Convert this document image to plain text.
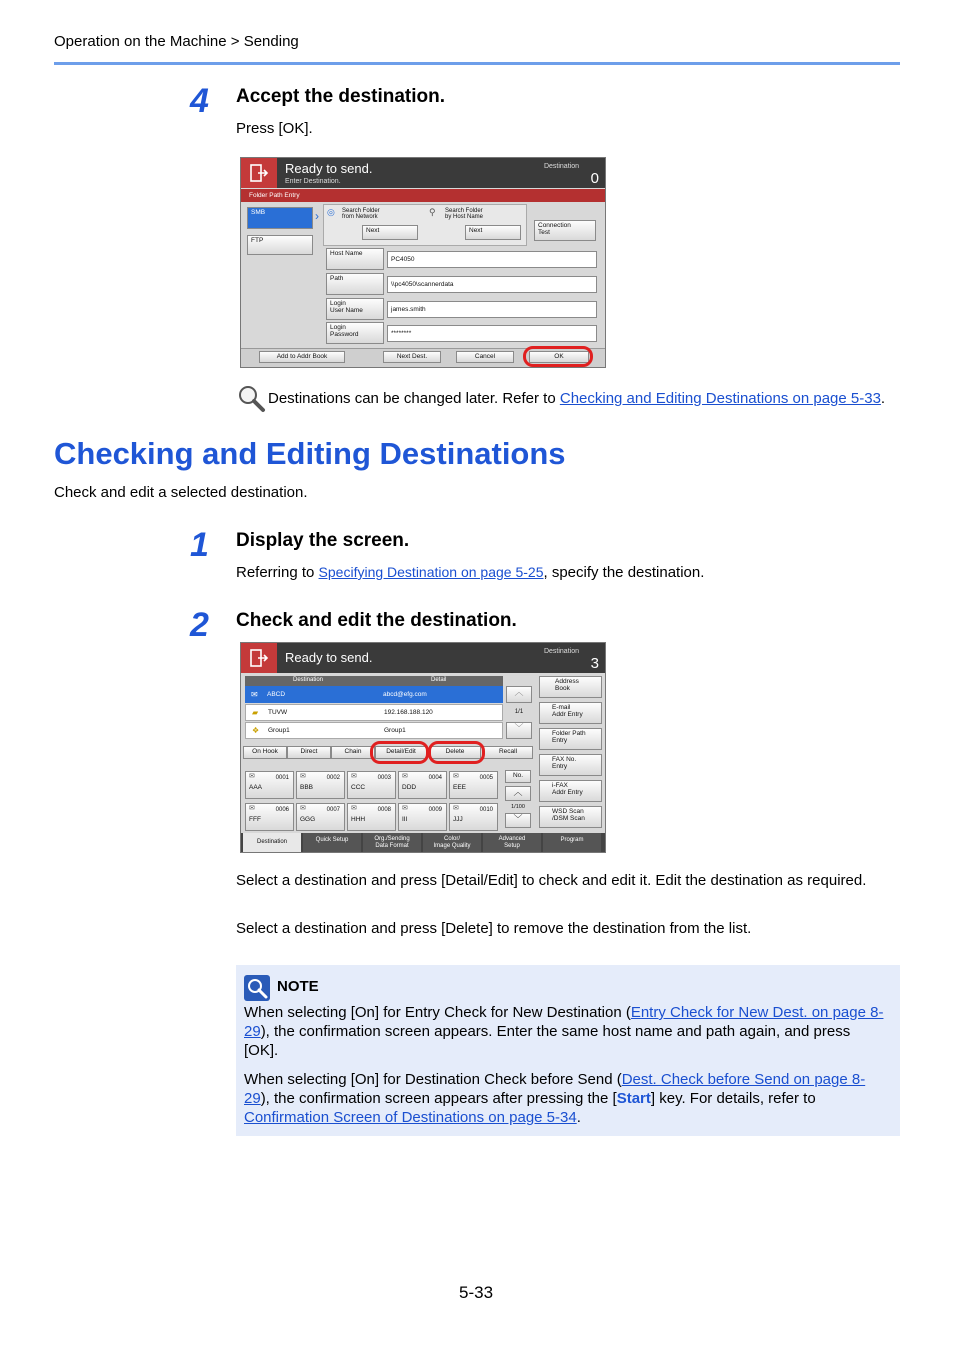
Operation on the Machine > Sending
4 Accept the destination.
Press [OK].
Ready to send.
Enter Destination.
Destination
0
Folder Path Entry
SMB
FTP
› ◎ Search Folder
from Network
Next
⚲ Search Folder
by Host Name
Next
Connection
Test
Host Name
PC4050
Path
\\pc4050\scannerdata
Login
User Name	james.smith
Login
Password	********
Add to Addr Book	Next Dest.	Cancel	OK
Destinations can be changed later. Refer to Checking and Editing Destinations on page 5-33.
Checking and Editing Destinations
Check and edit a selected destination.
1 Display the screen.
Referring to Specifying Destination on page 5-25, specify the destination.
2 Check and edit the destination.
Ready to send.	Destination
3
Destination	Detail
✉ ABCD	abcd@efg.com
▰ TUVW	192.168.188.120
❖ Group1	Group1
︿
1/1
﹀
Address
Book
E-mail
Addr Entry
Folder Path
Entry
FAX No.
Entry
i-FAX
Addr Entry
WSD Scan
/DSM Scan
On Hook	Direct	Chain	Detail/Edit	Delete	Recall
✉	0001
AAA
✉	0002
BBB
✉	0003
CCC
✉	0004
DDD
✉	0005
EEE
✉	0006
FFF
✉	0007
GGG
✉	0008
HHH
✉	0009
III
✉	0010
JJJ
No.
︿
1/100
﹀
Destination	Quick Setup	Org./Sending
Data Format
Color/
Image Quality
Advanced
Setup
Program
Select a destination and press [Detail/Edit] to check and edit it. Edit the destination as required.
Select a destination and press [Delete] to remove the destination from the list.
NOTE
When selecting [On] for Entry Check for New Destination (Entry Check for New Dest. on page 8-29), the confirmation screen appears. Enter the same host name and path again, and press [OK].
When selecting [On] for Destination Check before Send (Dest. Check before Send on page 8-29), the confirmation screen appears after pressing the [Start] key. For details, refer to Confirmation Screen of Destinations on page 5-34.
5-33
